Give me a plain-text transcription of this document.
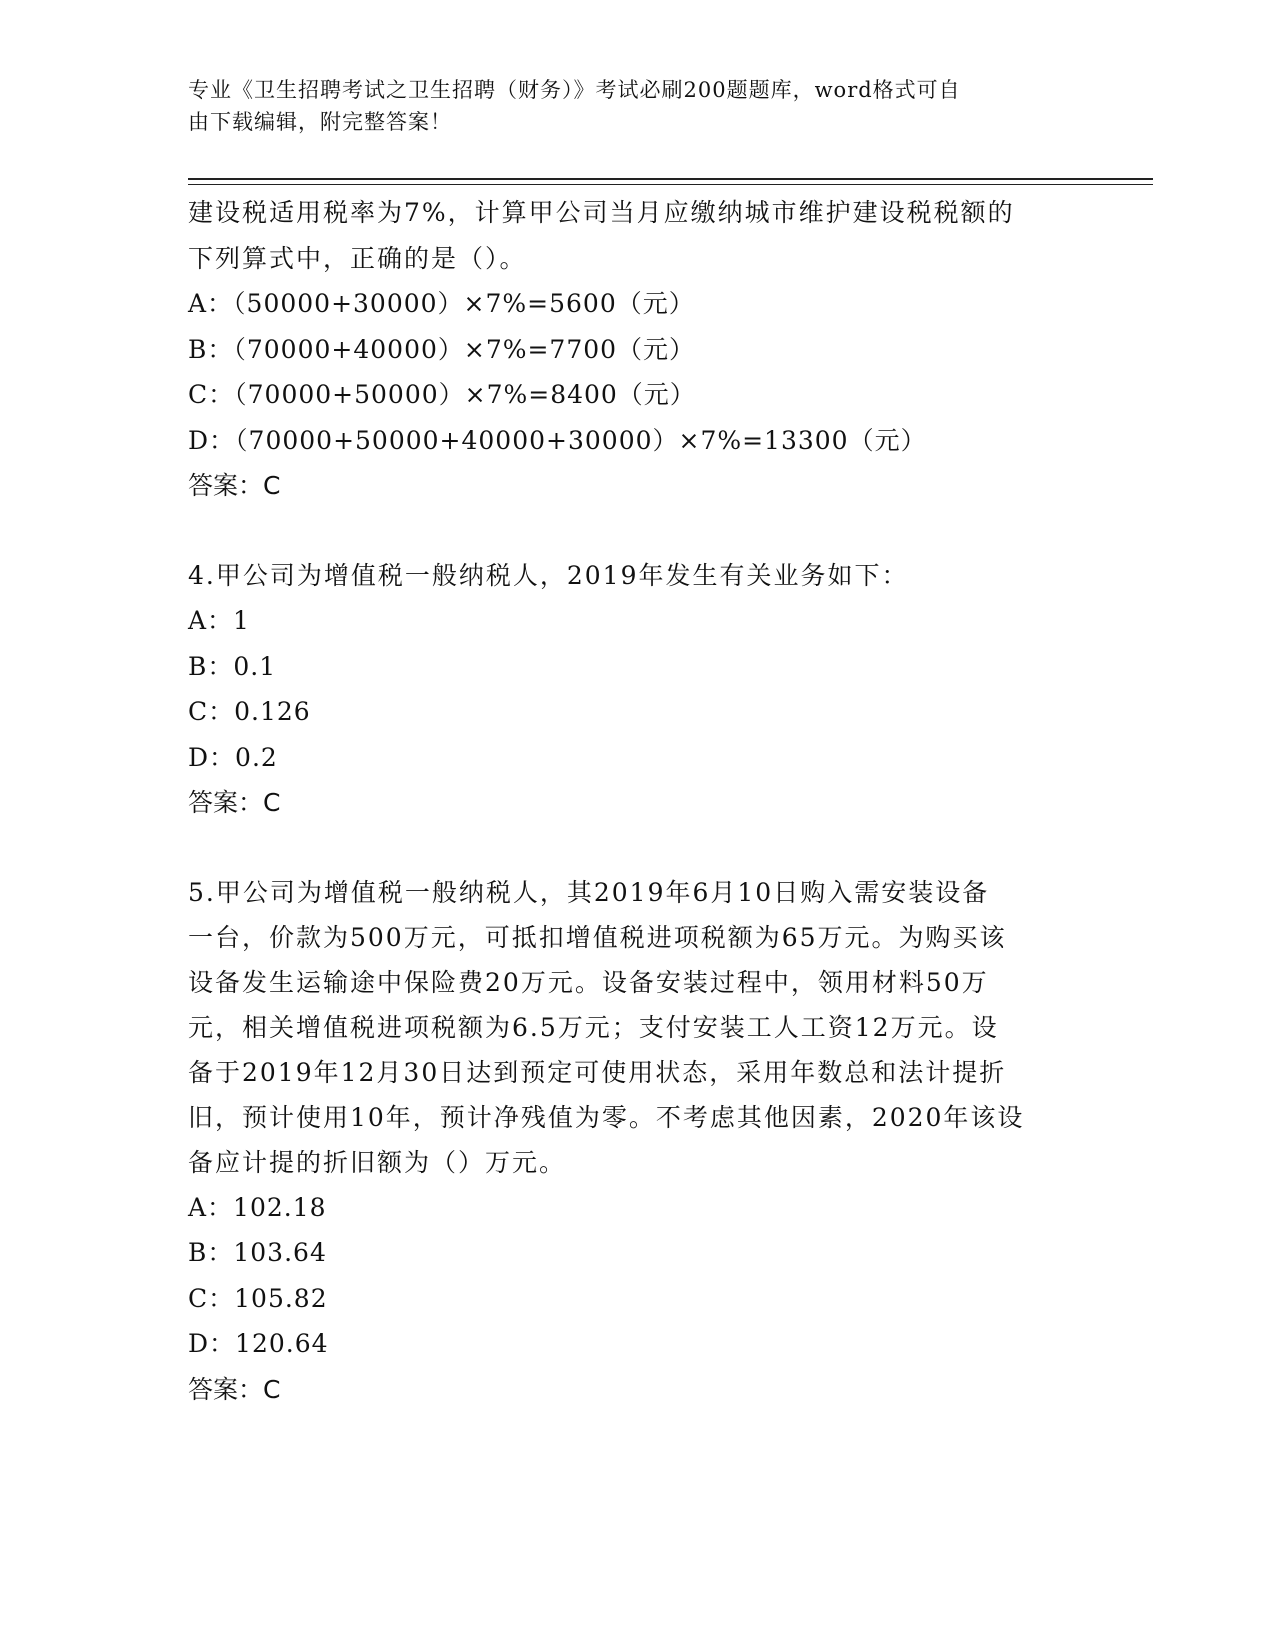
专业《卫生招聘考试之卫生招聘（财务）》考试必刷200题题库，word格式可自
由下载编辑，附完整答案！
建设税适用税率为7%，计算甲公司当月应缴纳城市维护建设税税额的
下列算式中，正确的是（）。
A：（50000+30000）×7%=5600（元）
B：（70000+40000）×7%=7700（元）
C：（70000+50000）×7%=8400（元）
D：（70000+50000+40000+30000）×7%=13300（元）
答案：C
4.甲公司为增值税一般纳税人，2019年发生有关业务如下：
A：1
B：0.1
C：0.126
D：0.2
答案：C
5.甲公司为增值税一般纳税人，其2019年6月10日购入需安装设备
一台，价款为500万元，可抵扣增值税进项税额为65万元。为购买该
设备发生运输途中保险费20万元。设备安装过程中，领用材料50万
元，相关增值税进项税额为6.5万元；支付安装工人工资12万元。设
备于2019年12月30日达到预定可使用状态，采用年数总和法计提折
旧，预计使用10年，预计净残值为零。不考虑其他因素，2020年该设
备应计提的折旧额为（）万元。
A：102.18
B：103.64
C：105.82
D：120.64
答案：C
